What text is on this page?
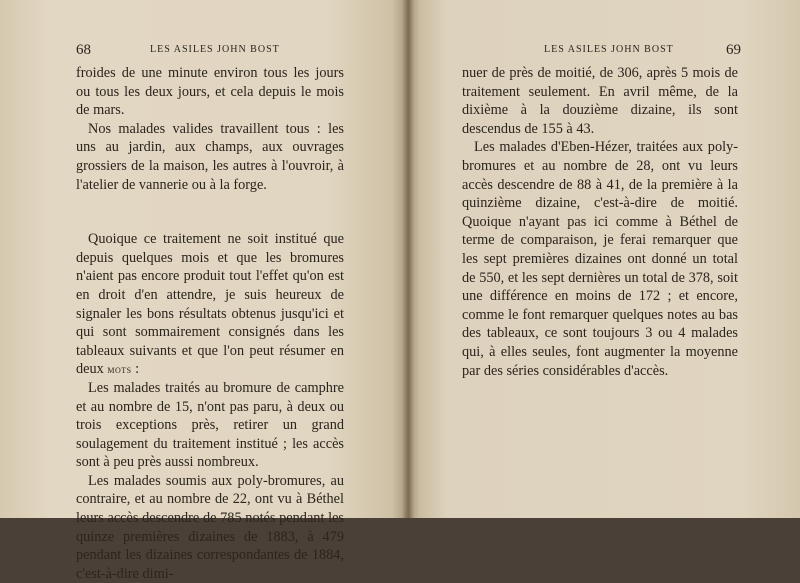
68	LES ASILES JOHN BOST

froides de une minute environ tous les jours ou tous les deux jours, et cela depuis le mois de mars.

Nos malades valides travaillent tous : les uns au jardin, aux champs, aux ouvrages grossiers de la maison, les autres à l'ouvroir, à l'atelier de vannerie ou à la forge.

Quoique ce traitement ne soit institué que depuis quelques mois et que les bromures n'aient pas encore produit tout l'effet qu'on est en droit d'en attendre, je suis heureux de signaler les bons résultats obtenus jusqu'ici et qui sont sommairement consignés dans les tableaux suivants et que l'on peut résumer en deux mots :

Les malades traités au bromure de camphre et au nombre de 15, n'ont pas paru, à deux ou trois exceptions près, retirer un grand soulagement du traitement institué ; les accès sont à peu près aussi nombreux.

Les malades soumis aux poly-bromures, au contraire, et au nombre de 22, ont vu à Béthel leurs accès descendre de 785 notés pendant les quinze premières dizaines de 1883, à 479 pendant les dizaines correspondantes de 1884, c'est-à-dire dimi-

LES ASILES JOHN BOST	69

nuer de près de moitié, de 306, après 5 mois de traitement seulement. En avril même, de la dixième à la douzième dizaine, ils sont descendus de 155 à 43.

Les malades d'Eben-Hézer, traitées aux poly-bromures et au nombre de 28, ont vu leurs accès descendre de 88 à 41, de la première à la quinzième dizaine, c'est-à-dire de moitié. Quoique n'ayant pas ici comme à Béthel de terme de comparaison, je ferai remarquer que les sept premières dizaines ont donné un total de 550, et les sept dernières un total de 378, soit une différence en moins de 172 ; et encore, comme le font remarquer quelques notes au bas des tableaux, ce sont toujours 3 ou 4 malades qui, à elles seules, font augmenter la moyenne par des séries considérables d'accès.
